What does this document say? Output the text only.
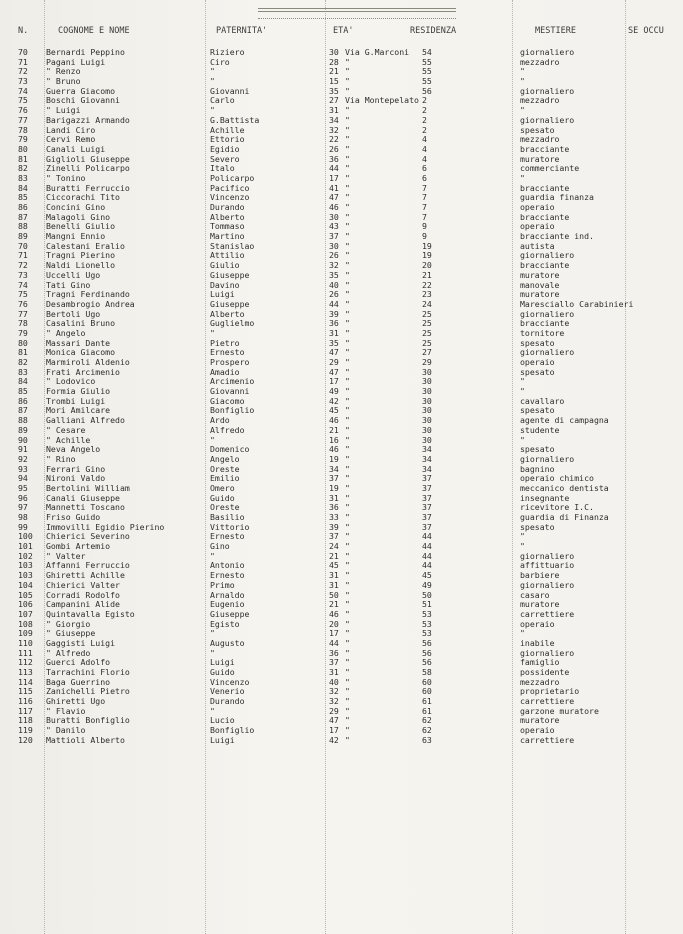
N.	COGNOME E NOME	PATERNITA'	ETA'	RESIDENZA	MESTIERE	SE OCCU
70 Bernardi Peppino	Riziero	30 Via G.Marconi 54	giornaliero
71 Pagani Luigi	Ciro	28 "	55	mezzadro
72 " Renzo	"	21 "	55	"
73 " Bruno	"	15 "	55	"
74 Guerra Giacomo	Giovanni	35 "	56	giornaliero
75 Boschi Giovanni	Carlo	27 Via Montepelato 2	mezzadro
76 " Luigi	"	31 "	2	"
77 Barigazzi Armando	G.Battista	34 "	2	giornaliero
78 Landi Ciro	Achille	32 "	2	spesato
79 Cervi Remo	Ettorio	22 "	4	mezzadro
80 Canali Luigi	Egidio	26 "	4	bracciante
81 Giglioli Giuseppe	Severo	36 "	4	muratore
82 Zinelli Policarpo	Italo	44 "	6	commerciante
83 " Tonino	Policarpo	17 "	6	"
84 Buratti Ferruccio	Pacifico	41 "	7	bracciante
85 Ciccorachi Tito	Vincenzo	47 "	7	guardia finanza
86 Concini Gino	Durando	46 "	7	operaio
87 Malagoli Gino	Alberto	30 "	7	bracciante
88 Benelli Giulio	Tommaso	43 "	9	operaio
89 Mangni Ennio	Martino	37 "	9	bracciante ind.
70 Calestani Eralio	Stanislao	30 "	19	autista
71 Tragni Pierino	Attilio	26 "	19	giornaliero
72 Naldi Lionello	Giulio	32 "	20	bracciante
73 Uccelli Ugo	Giuseppe	35 "	21	muratore
74 Tati Gino	Davino	40 "	22	manovale
75 Tragni Ferdinando	Luigi	26 "	23	muratore
76 Desambrogio Andrea	Giuseppe	44 "	24	Maresciallo Carabinieri
77 Bertoli Ugo	Alberto	39 "	25	giornaliero
78 Casalini Bruno	Guglielmo	36 "	25	bracciante
79 " Angelo	"	31 "	25	tornitore
80 Massari Dante	Pietro	35 "	25	spesato
81 Monica Giacomo	Ernesto	47 "	27	giornaliero
82 Marmiroli Aldenio	Prospero	29 "	29	operaio
83 Frati Arcimenio	Amadio	47 "	30	spesato
84 " Lodovico	Arcimenio	17 "	30	"
85 Formia Giulio	Giovanni	49 "	30	"
86 Trombi Luigi	Giacomo	42 "	30	cavallaro
87 Mori Amilcare	Bonfiglio	45 "	30	spesato
88 Galliani Alfredo	Ardo	46 "	30	agente di campagna
89 " Cesare	Alfredo	21 "	30	studente
90 " Achille	"	16 "	30	"
91 Neva Angelo	Domenico	46 "	34	spesato
92 " Rino	Angelo	19 "	34	giornaliero
93 Ferrari Gino	Oreste	34 "	34	bagnino
94 Nironi Valdo	Emilio	37 "	37	operaio chimico
95 Bertolini William	Omero	19 "	37	meccanico dentista
96 Canali Giuseppe	Guido	31 "	37	insegnante
97 Mannetti Toscano	Oreste	36 "	37	ricevitore I.C.
98 Friso Guido	Basilio	33 "	37	guardia di Finanza
99 Immovilli Egidio Pierino	Vittorio	39 "	37	spesato
100 Chierici Severino	Ernesto	37 "	44	"
101 Gombi Artemio	Gino	24 "	44	"
102 " Valter	"	21 "	44	giornaliero
103 Affanni Ferruccio	Antonio	45 "	44	affittuario
103 Ghiretti Achille	Ernesto	31 "	45	barbiere
104 Chierici Valter	Primo	31 "	49	giornaliero
105 Corradi Rodolfo	Arnaldo	50 "	50	casaro
106 Campanini Alide	Eugenio	21 "	51	muratore
107 Quintavalla Egisto	Giuseppe	46 "	53	carrettiere
108 " Giorgio	Egisto	20 "	53	operaio
109 " Giuseppe	"	17 "	53	"
110 Gaggisti Luigi	Augusto	44 "	56	inabile
111 " Alfredo	"	36 "	56	giornaliero
112 Guerci Adolfo	Luigi	37 "	56	famiglio
113 Tarrachini Florio	Guido	31 "	58	possidente
114 Baga Guerrino	Vincenzo	40 "	60	mezzadro
115 Zanichelli Pietro	Venerio	32 "	60	proprietario
116 Ghiretti Ugo	Durando	32 "	61	carrettiere
117 " Flavio	"	29 "	61	garzone muratore
118 Buratti Bonfiglio	Lucio	47 "	62	muratore
119 " Danilo	Bonfiglio	17 "	62	operaio
120 Mattioli Alberto	Luigi	42 "	63	carrettiere
